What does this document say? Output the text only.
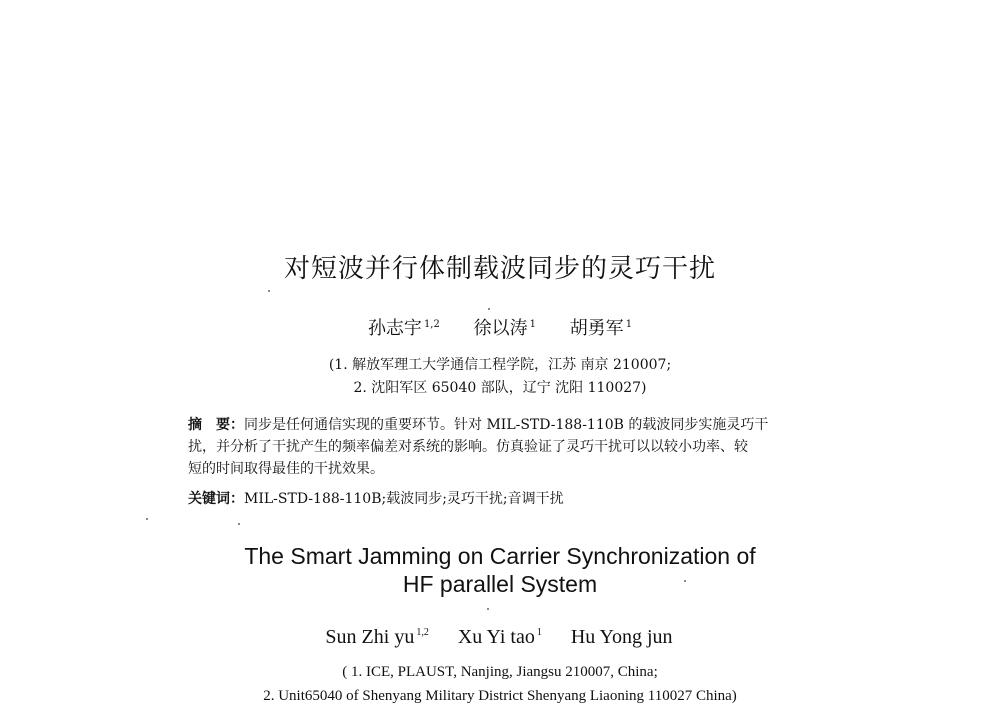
对短波并行体制载波同步的灵巧干扰
孙志宇 $^{1,2}$ 徐以涛 $^1$ 胡勇军 $^1$
(1. 解放军理工大学通信工程学院，江苏 南京 210007;
2. 沈阳军区 65040 部队，辽宁 沈阳 110027)
摘　要：同步是任何通信实现的重要环节。针对 MIL-STD-188-110B 的载波同步实施灵巧干
扰，并分析了干扰产生的频率偏差对系统的影响。仿真验证了灵巧干扰可以以较小功率、较
短的时间取得最佳的干扰效果。
关键词：MIL-STD-188-110B;载波同步;灵巧干扰;音调干扰
The Smart Jamming on Carrier Synchronization of
HF parallel System
Sun Zhi yu $^{1,2}$ Xu Yi tao $^1$ Hu Yong jun
( 1. ICE, PLAUST, Nanjing, Jiangsu 210007, China;
2. Unit65040 of Shenyang Military District Shenyang Liaoning 110027 China)
